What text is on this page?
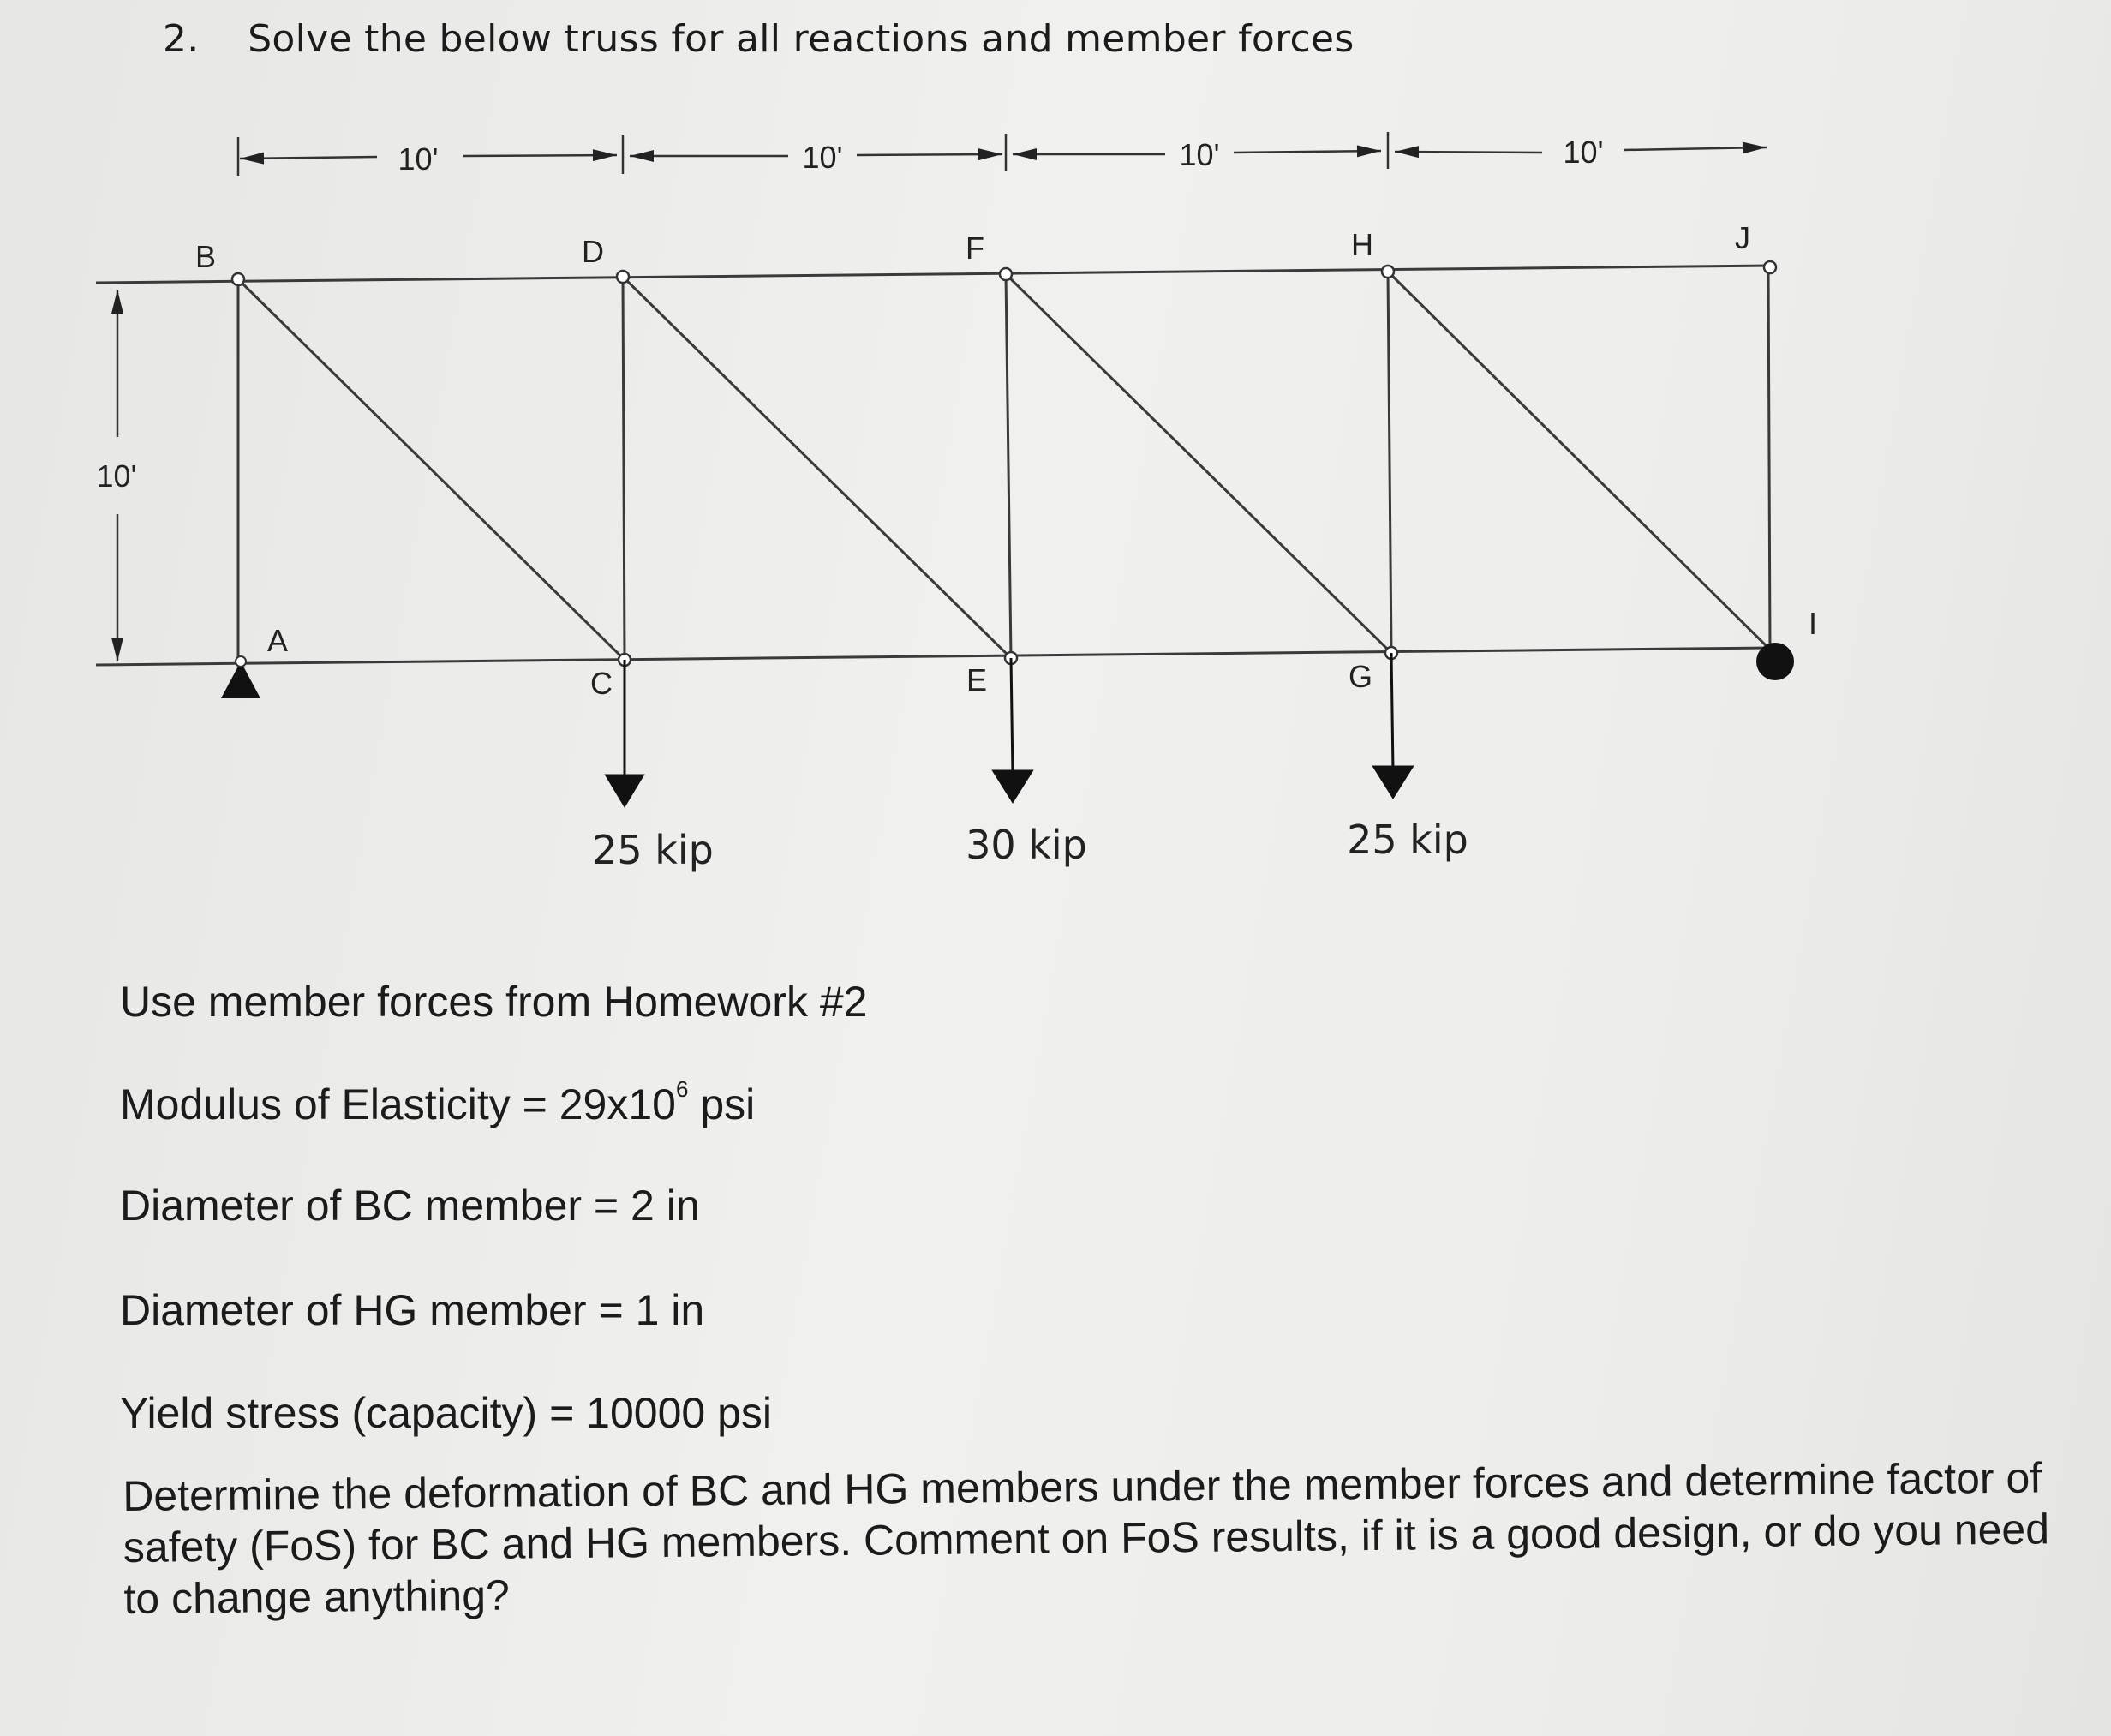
2. Solve the below truss for all reactions and member forces
10'	10'	10'	10'
10'
25 kip	30 kip	25 kip
B	D	F	H	J
A
C	E	G
I
Use member forces from Homework #2
Modulus of Elasticity = $29x10^6$ psi
Diameter of BC member = 2 in
Diameter of HG member = 1 in
Yield stress (capacity) = 10000 psi
Determine the deformation of BC and HG members under the member forces and determine factor of safety (FoS) for BC and HG members. Comment on FoS results, if it is a good design, or do you need to change anything?
